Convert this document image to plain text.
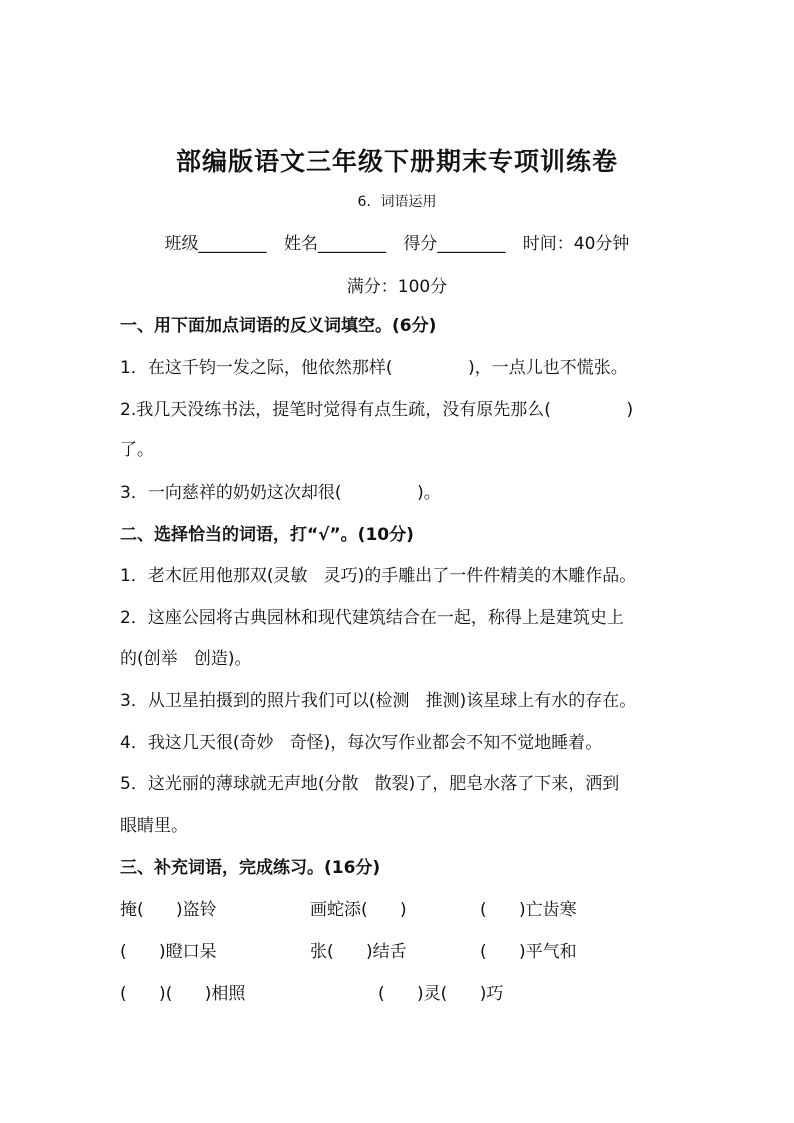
部编版语文三年级下册期末专项训练卷
6．词语运用
班级________ 姓名________ 得分________ 时间：40分钟
满分：100分
一、用下面加点词语的反义词填空。(6分)
1．在这千钧一发之际，他依然那样(              )，一点儿也不慌张。
2.我几天没练书法，提笔时觉得有点生疏，没有原先那么(              )
了。
3．一向慈祥的奶奶这次却很(              )。
二、选择恰当的词语，打“√”。(10分)
1．老木匠用他那双(灵敏   灵巧)的手雕出了一件件精美的木雕作品。
2．这座公园将古典园林和现代建筑结合在一起，称得上是建筑史上
的(创举   创造)。
3．从卫星拍摄到的照片我们可以(检测   推测)该星球上有水的存在。
4．我这几天很(奇妙   奇怪)，每次写作业都会不知不觉地睡着。
5．这光丽的薄球就无声地(分散   散裂)了，肥皂水落了下来，洒到
眼睛里。
三、补充词语，完成练习。(16分)
掩(      )盗铃	画蛇添(      )	(      )亡齿寒
(      )瞪口呆	张(      )结舌	(      )平气和
(      )(      )相照	(      )灵(      )巧
